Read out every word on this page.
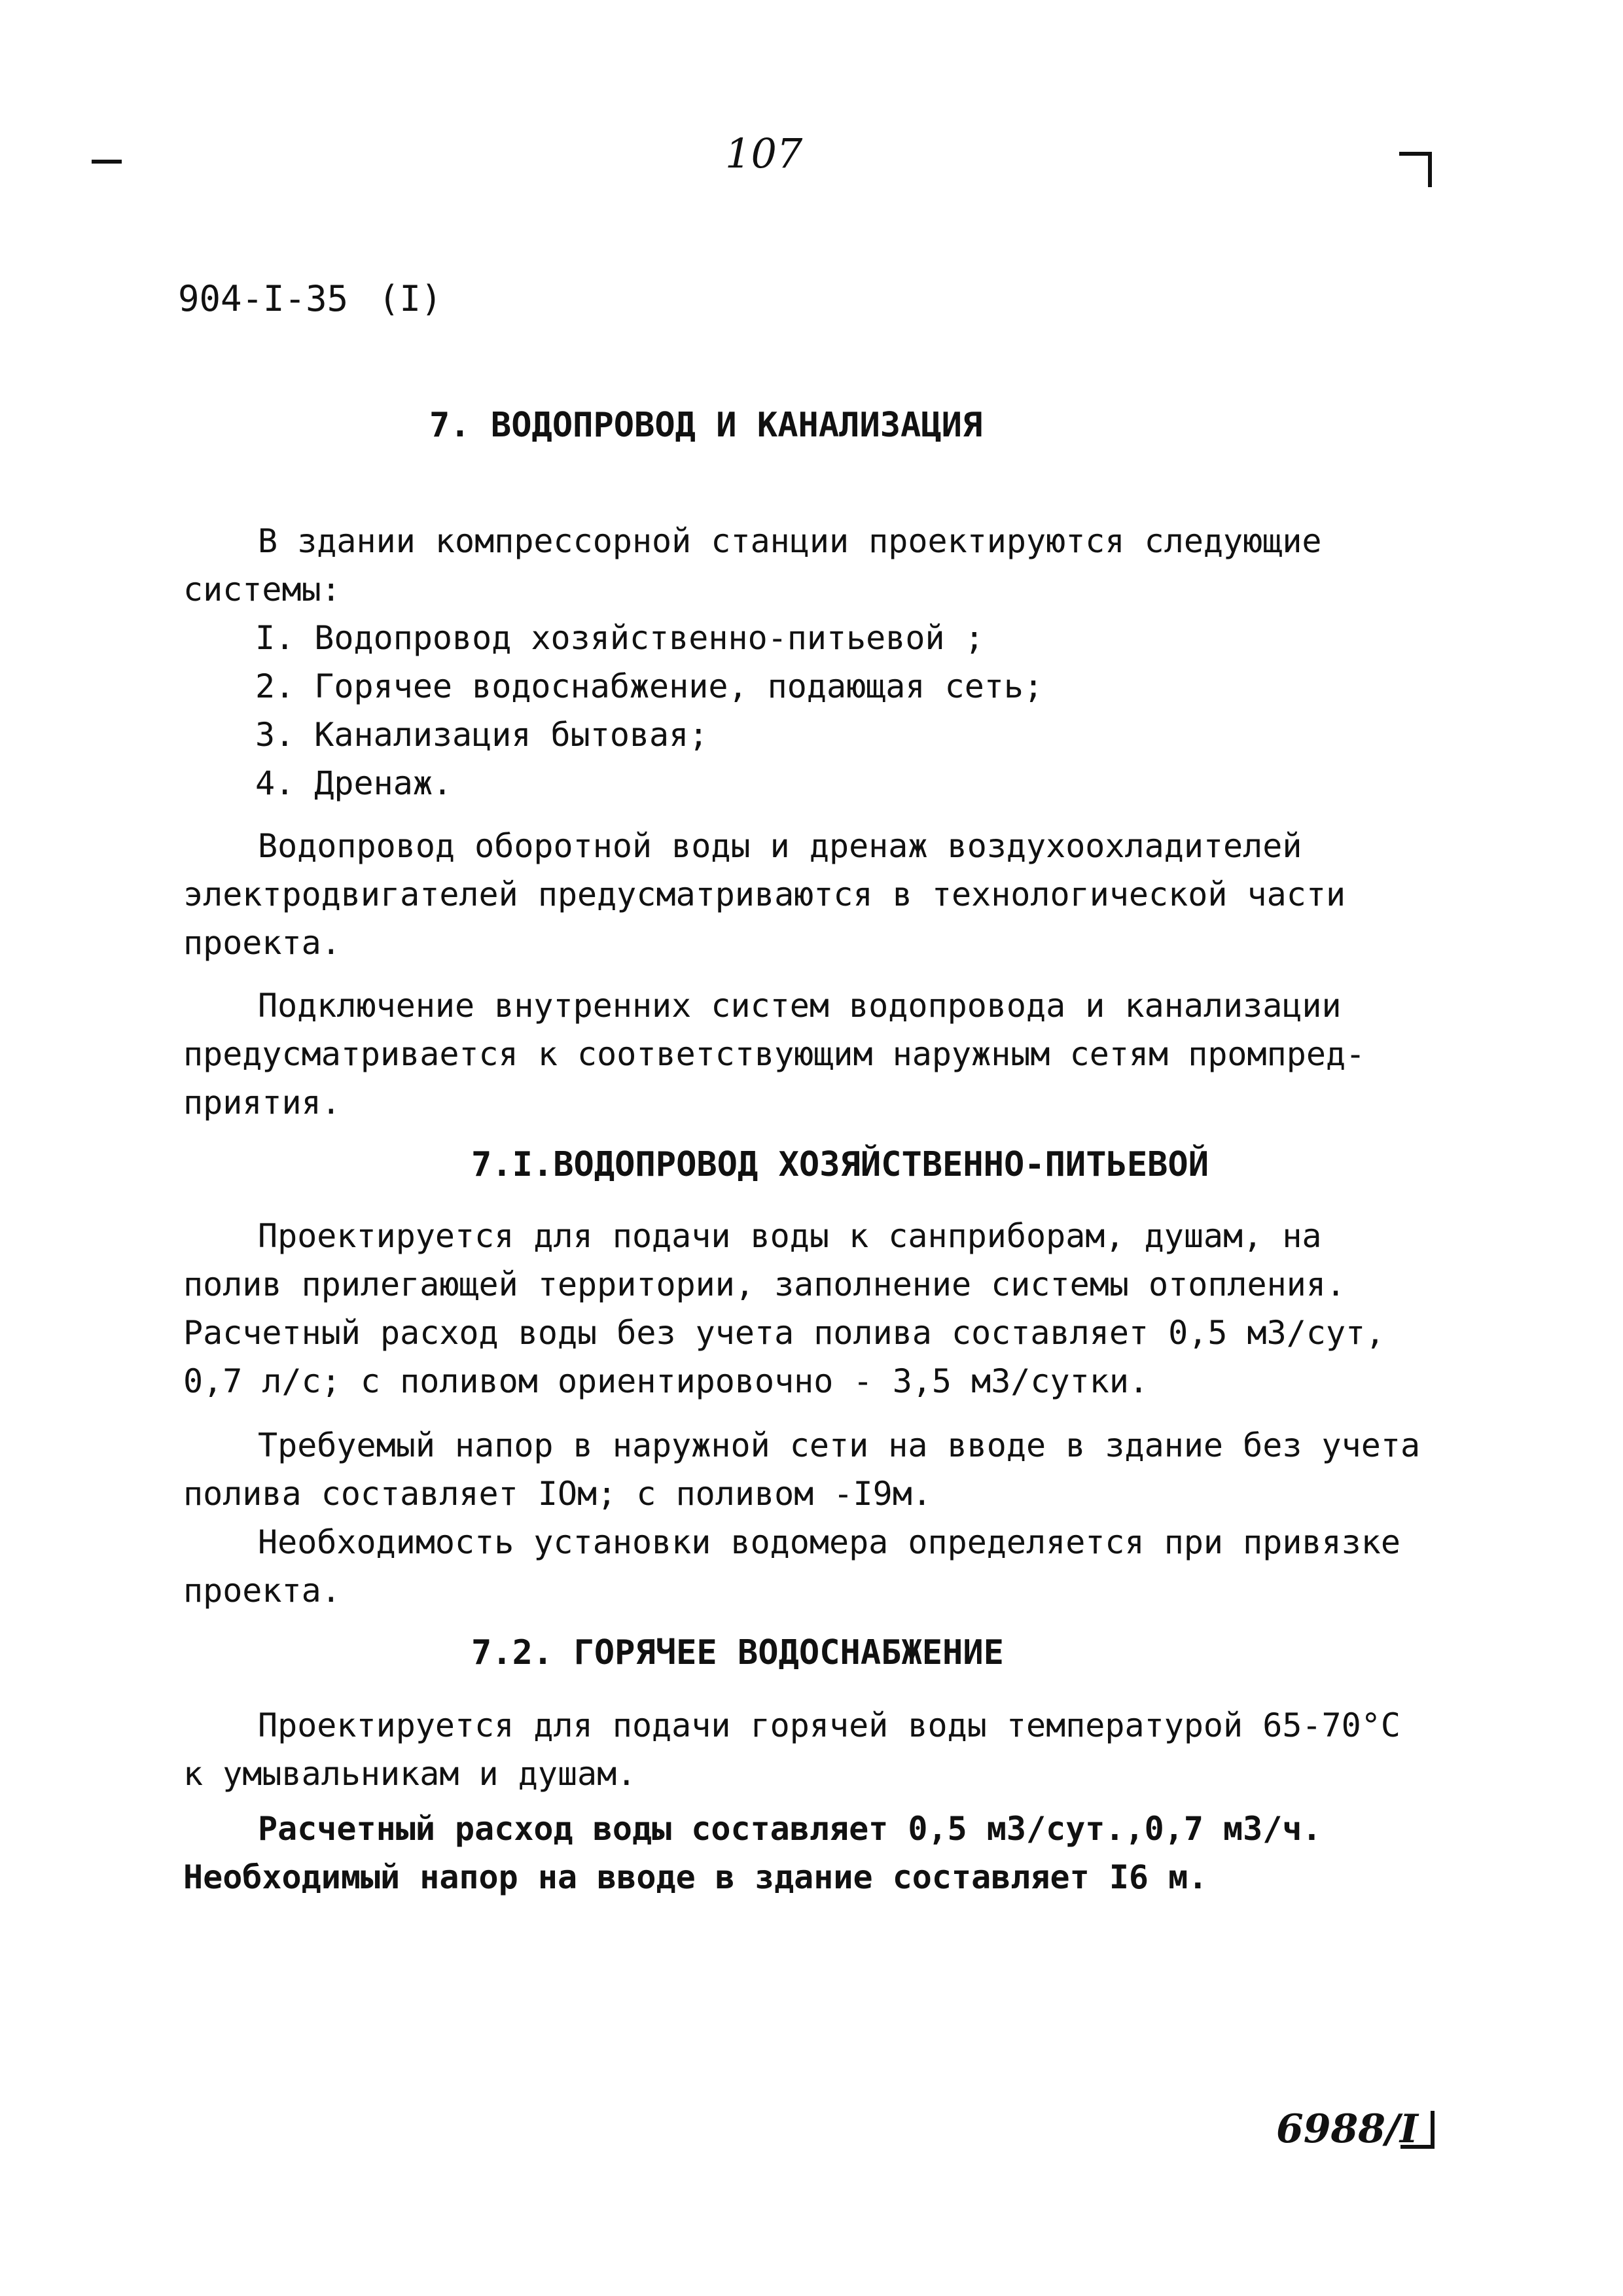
107
904-I-35 (I)
7. ВОДОПРОВОД И КАНАЛИЗАЦИЯ
В здании компрессорной станции проектируются следующие
системы:
I. Водопровод хозяйственно-питьевой ;
2. Горячее водоснабжение, подающая сеть;
3. Канализация бытовая;
4. Дренаж.
Водопровод оборотной воды и дренаж воздухоохладителей
электродвигателей предусматриваются в технологической части
проекта.
Подключение внутренних систем водопровода и канализации
предусматривается к соответствующим наружным сетям промпред-
приятия.
7.I.ВОДОПРОВОД ХОЗЯЙСТВЕННО-ПИТЬЕВОЙ
Проектируется для подачи воды к санприборам, душам, на
полив прилегающей территории, заполнение системы отопления.
Расчетный расход воды без учета полива составляет 0,5 м3/сут,
0,7 л/с; с поливом ориентировочно - 3,5 м3/сутки.
Требуемый напор в наружной сети на вводе в здание без учета
полива составляет IОм; с поливом -I9м.
Необходимость установки водомера определяется при привязке
проекта.
7.2. ГОРЯЧЕЕ ВОДОСНАБЖЕНИЕ
Проектируется для подачи горячей воды температурой 65-70°С
к умывальникам и душам.
Расчетный расход воды составляет 0,5 м3/сут.,0,7 м3/ч.
Необходимый напор на вводе в здание составляет I6 м.
6988/I
